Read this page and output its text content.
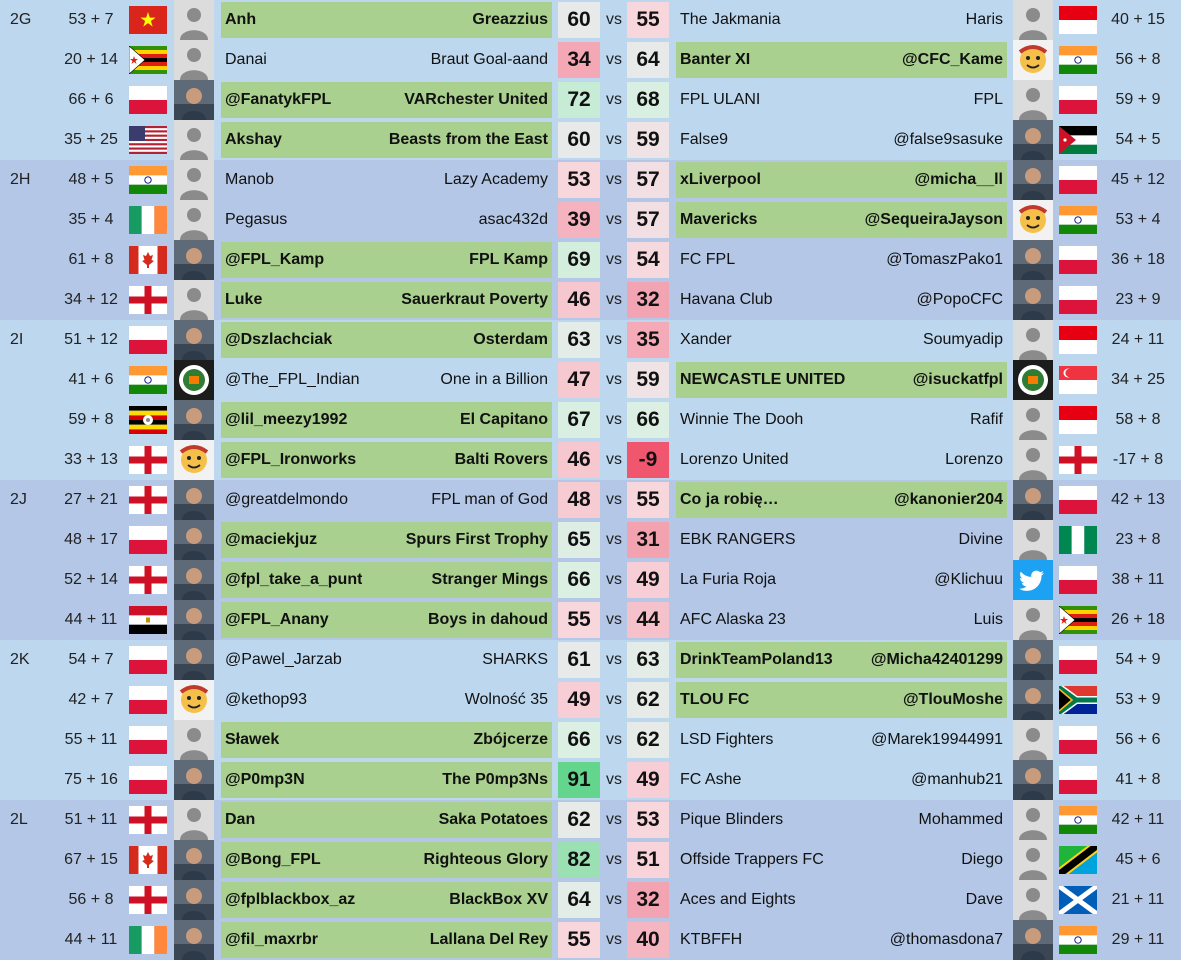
2G	53 + 7	Anh	Greazzius 60 vs 55	The Jakmania	Haris	40 + 15
20 + 14	Danai	Braut Goal-aand 34 vs 64	Banter XI	@CFC_Kame	56 + 8
66 + 6	@FanatykFPL	VARchester United 72 vs 68	FPL ULANI	FPL	59 + 9
35 + 25	Akshay	Beasts from the East 60 vs 59	False9	@false9sasuke	54 + 5
2H	48 + 5	Manob	Lazy Academy 53 vs 57	xLiverpool	@micha__ll	45 + 12
35 + 4	Pegasus	asac432d 39 vs 57	Mavericks	@SequeiraJayson	53 + 4
61 + 8	@FPL_Kamp	FPL Kamp 69 vs 54	FC FPL	@TomaszPako1	36 + 18
34 + 12	Luke	Sauerkraut Poverty 46 vs 32	Havana Club	@PopoCFC	23 + 9
2I	51 + 12	@Dszlachciak	Osterdam 63 vs 35	Xander	Soumyadip	24 + 11
41 + 6	@The_FPL_Indian	One in a Billion 47 vs 59	NEWCASTLE UNITED	@isuckatfpl	34 + 25
59 + 8	@lil_meezy1992	El Capitano 67 vs 66	Winnie The Dooh	Rafif	58 + 8
33 + 13	@FPL_Ironworks	Balti Rovers 46 vs -9	Lorenzo United	Lorenzo	-17 + 8
2J	27 + 21	@greatdelmondo	FPL man of God 48 vs 55	Co ja robię…	@kanonier204	42 + 13
48 + 17	@maciekjuz	Spurs First Trophy 65 vs 31	EBK RANGERS	Divine	23 + 8
52 + 14	@fpl_take_a_punt	Stranger Mings 66 vs 49	La Furia Roja	@Klichuu	38 + 11
44 + 11	@FPL_Anany	Boys in dahoud 55 vs 44	AFC Alaska 23	Luis	26 + 18
2K	54 + 7	@Pawel_Jarzab	SHARKS 61 vs 63	DrinkTeamPoland13 @Micha42401299	54 + 9
42 + 7	@kethop93	Wolność 35 49 vs 62	TLOU FC	@TlouMoshe	53 + 9
55 + 11	Sławek	Zbójcerze 66 vs 62	LSD Fighters	@Marek19944991	56 + 6
75 + 16	@P0mp3N	The P0mp3Ns 91 vs 49	FC Ashe	@manhub21	41 + 8
2L	51 + 11	Dan	Saka Potatoes 62 vs 53	Pique Blinders	Mohammed	42 + 11
67 + 15	@Bong_FPL	Righteous Glory 82 vs 51	Offside Trappers FC	Diego	45 + 6
56 + 8	@fplblackbox_az	BlackBox XV 64 vs 32	Aces and Eights	Dave	21 + 11
44 + 11	@fil_maxrbr	Lallana Del Rey 55 vs 40	KTBFFH	@thomasdona7	29 + 11
